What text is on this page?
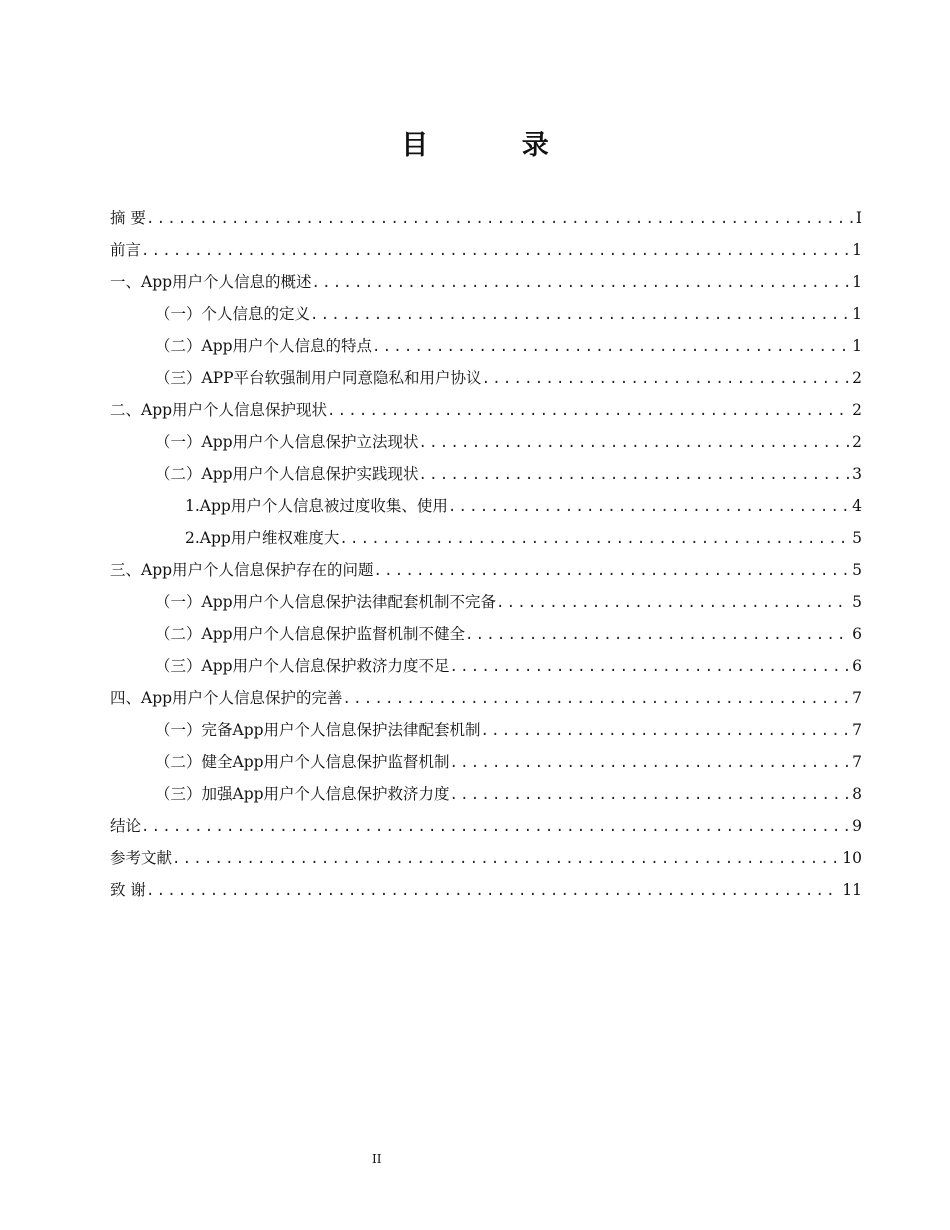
目 录
摘 要 .....	I
前言 .....	1
一、App用户个人信息的概述 .....	1
（一）个人信息的定义 .....	1
（二）App用户个人信息的特点 .....	1
（三）APP平台软强制用户同意隐私和用户协议 .....	2
二、App用户个人信息保护现状 .....	2
（一）App用户个人信息保护立法现状 .....	2
（二）App用户个人信息保护实践现状 .....	3
1.App用户个人信息被过度收集、使用 .....	4
2.App用户维权难度大 .....	5
三、App用户个人信息保护存在的问题 .....	5
（一）App用户个人信息保护法律配套机制不完备 .....	5
（二）App用户个人信息保护监督机制不健全 .....	6
（三）App用户个人信息保护救济力度不足 .....	6
四、App用户个人信息保护的完善 .....	7
（一）完备App用户个人信息保护法律配套机制 .....	7
（二）健全App用户个人信息保护监督机制 .....	7
（三）加强App用户个人信息保护救济力度 .....	8
结论 .....	9
参考文献 .....	10
致 谢 .....	11
II
